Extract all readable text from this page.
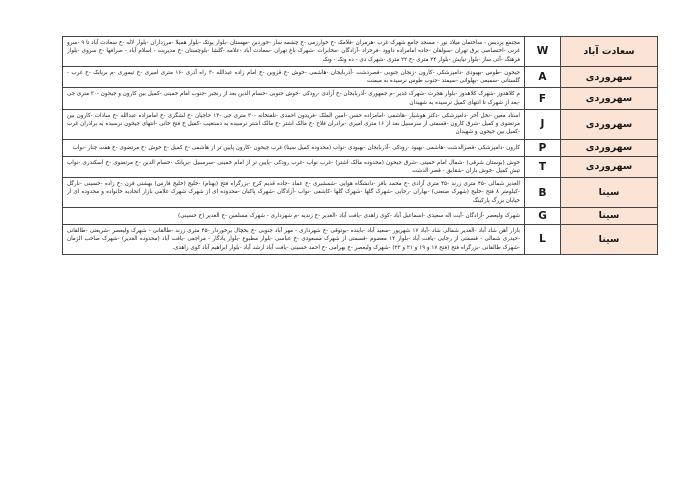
سعادت آباد	W	مجتمع پردیس - ساختمان میلاد نور - مسجد جامع شهرک غرب -هرمزان -فلامک -خ خوارزمی -خ چشمه ساز -خوردین -مهستان -بلوار پونک -بلوار همیلا -مرزداران -بلوار لاله -خ سعادت آباد تا ۹ -سرو غربی -اختصاصی برق تهران -سولقان -جاده امامزاده داوود -فرحزاد -آزادگان -مخابرات -شهرک باغ تهران -سعادت آباد -علامه -گلشا -بلوچستان -خ مدیریت - اسلام آباد - صرافها -خ سروی -بلوار فرهنگ -آتی ساز -بلوار نیایش -بلوار ۲۴ متری -خ ۲۲ متری -شهرک دی - ده ونک - ونک
سهروردی	A	جیحون -طوس -بهبودی -دامپزشکی -کارون -زنجان جنوبی -قصردشت -آذربایجان -هاشمی -خوش -خ قزوین -خ امام زاده عبدالله -۳ راه آذری -۱۶ متری امیری -خ تیموری -م بریانک -خ غرب - گلستانی -سمیعی -بهلوانی -سیمتد -جنوب طوس نرسیده به میمنت
سهروردی	F	م کلاهدوز -شهرک کلاهدوز -بلوار هجرت -شهرک غدیر -م جمهوری -آذربایجان -خ آزادی -رودکی -خوش جنوبی -حسام الدین بعد از رنجبر -جنوب امام خمینی -کمیل بین کارون و جیحون -۳۰ متری جی -بعد از شهرک تا انتهای کمیل نرسیده به شهیدان
سهروردی	J	استاد معین -نخل آخر -دامپزشکی -دکتر هوشیار -هاشمی -امامزاده حسن -امین الملک -فریدون احمدی -تلفنخانه -۳۰ متری جی -۱۳ حاجیان -خ لشگری -خ امامزاده عبدالله -خ سادات -کارون بین مرتضوی و کمیل -شرق کارون -قسمتی از سرسبیل بعد از ۱۶ متری امیری -برادران فلاح -خ مالک اشتر -خ مالک اشتر نرسیده به دستغیب -کمیل خ فتح خانی -انتهای جیحون نرسیده به برادران غرب -کمیل بین جیحون و شهیدان
سهروردی	P	کارون -دامپزشکی -قصرالدشت -هاشمی -بهبود -رودکی -آذربایجان -بهبودی -نواب (محدوده کمیل سینا) غرب جیحون -کارون پایین تر از هاشمی -خ کمیل -خ خوش -خ مرتضوی -خ هفت چنار -نواب
سهروردی	T	خوش (بوستان شرقی) -شمال امام خمینی -شرق جیحون (محدوده مالک اشتر) -غرب نواب -غرب رودکی -پایین تر از امام خمینی -سرسبیل -بریانک -حسام الدین -خ مرتضوی -خ اسکندری -نواب تیش کمیل -خوش باران -شقایق - قصر الدشت
سینا	B	الغدیر شمالی -۴۵ متری زرند -۴۵ متری آزادی -خ محمد باقر -دانشگاه هوایی -شمشیری -خ عماد -جاده قدیم کرج -بزرگراه فتح (بهنام) -خلیج (خلیج فارس) بهشتی قرن -خ زاده -حسینی -نارگل -کیلومتر ۸ فتح -خلیج (شهرک صنعتی) -بهاران -رجایی -شهرک گلها -شهرک گلها -کاشفی -نواب -آزادگان -شهرک پاکبان -محدوده ای از شهرک شهرک غلامی بازار اتحادیه خانواده و محدوده ای از خیابان بزرگ پارکینگ
سینا	G	شهرک ولیعصر -آزادگان -آیت اله سعیدی -اسماعیل آباد -کوی زاهدی -یافت آباد -الغدیر -خ زندیه -م شهرداری - شهرک مسلمین -خ الغدیر (خ حسینی)
سینا	L	بازار آهن شاد آباد -الغدیر شمالی شاد -آباد ۱۷ شهریور -سعید آباد -بابنده -بوتوقی -خ شهرداری - مهر آباد جنوبی -خ بخچال برخوردار -۴۵ متری زرند -طالقانی - شهرک ولیعصر -شریعتی -طالقانی -حیدری شمالی - قسمتی از رجایی -یافت آباد -بلوار ۱۴ معصوم -قسمتی از شهرک مسعودی -خ عباسی -بلوار مطبوع -بلوار یادگار - مراجعی -یافت آباد (محدوده الغدیر) -شهرک صاحب الزمان -شهرک طالقانی -بزرگراه فتح (فتح ۱۷ و ۱۹ و ۲۱ و ۲۳) -شهرک ولیعصر -خ بهرامی -خ احمد حسینی -یافت آباد ارشد آباد -بلوار ابراهیم آباد کوی زاهدی.
